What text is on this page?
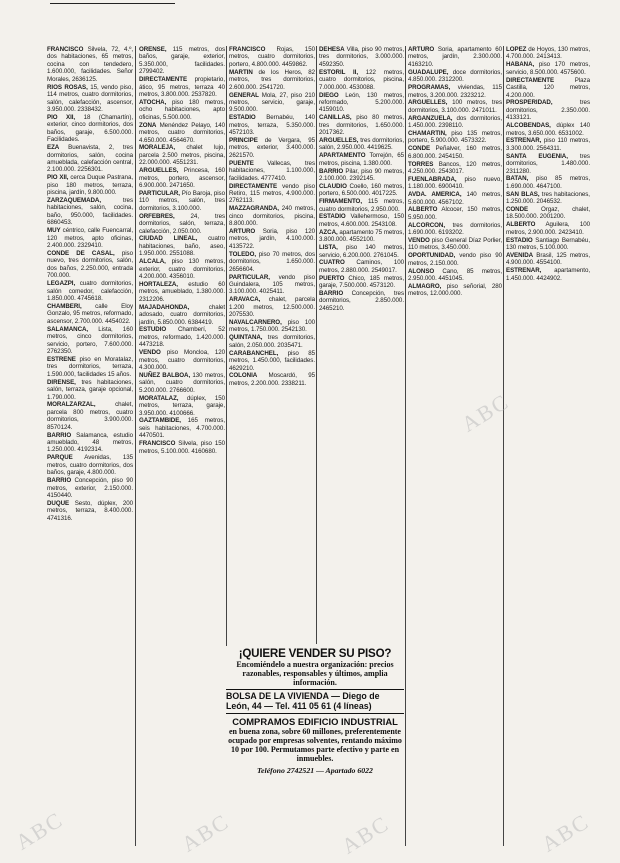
FRANCISCO Silvela, 72, 4.º, dos habitaciones, 65 metros, cocina con tendedero, 1.600.000, facilidades. Señor Morales, 2636125.

RIOS ROSAS, 15, vendo piso, 114 metros, cuatro dormitorios, salón, calefacción, ascensor, 3.950.000. 2338432.

PIO XII, 18 (Chamartín), exterior, cinco dormitorios, dos baños, garaje, 6.500.000. Facilidades.

EZA Buenavista, 2, tres dormitorios, salón, cocina amueblada, calefacción central, 2.100.000. 2256301.

PIO XII, cerca Duque Pastrana, piso 180 metros, terraza, piscina, jardín, 9.800.000.

ZARZAQUEMADA, tres habitaciones, salón, cocina, baño, 950.000, facilidades. 6860453.

MUY céntrico, calle Fuencarral, 120 metros, apto oficinas, 2.400.000. 2329410.

CONDE DE CASAL, piso nuevo, tres dormitorios, salón, dos baños, 2.250.000, entrada 700.000.

LEGAZPI, cuatro dormitorios, salón comedor, calefacción, 1.850.000. 4745618.

CHAMBERI, calle Eloy Gonzalo, 95 metros, reformado, ascensor, 2.700.000. 4454022.

SALAMANCA, Lista, 160 metros, cinco dormitorios, servicio, portero, 7.600.000. 2762350.

ESTRENE piso en Moratalaz, tres dormitorios, terraza, 1.590.000, facilidades 15 años.

DIRENSE, tres habitaciones, salón, terraza, garaje opcional, 1.790.000.

MORALZARZAL, chalet, parcela 800 metros, cuatro dormitorios, 3.900.000. 8570124.

BARRIO Salamanca, estudio amueblado, 48 metros, 1.250.000. 4192314.

PARQUE Avenidas, 135 metros, cuatro dormitorios, dos baños, garaje, 4.800.000.

BARRIO Concepción, piso 90 metros, exterior, 2.150.000. 4150440.

DUQUE Sesto, dúplex, 200 metros, terraza, 8.400.000. 4741316.

ORENSE, 115 metros, dos baños, garaje, exterior, 5.350.000, facilidades. 2799402.

DIRECTAMENTE propietario, ático, 95 metros, terraza 40 metros, 3.800.000. 2537820.

ATOCHA, piso 180 metros, ocho habitaciones, apto oficinas, 5.500.000.

ZONA Menéndez Pelayo, 140 metros, cuatro dormitorios, 4.650.000. 4564670.

MORALEJA, chalet lujo, parcela 2.500 metros, piscina, 22.000.000. 4551231.

ARGUELLES, Princesa, 160 metros, portero, ascensor, 6.900.000. 2471650.

PARTICULAR, Pío Baroja, piso 110 metros, salón, tres dormitorios, 3.100.000.

ORFEBRES, 24, tres dormitorios, salón, terraza, calefacción, 2.050.000.

CIUDAD LINEAL, cuatro habitaciones, baño, aseo, 1.950.000. 2551088.

ALCALA, piso 130 metros, exterior, cuatro dormitorios, 4.200.000. 4356010.

HORTALEZA, estudio 60 metros, amueblado, 1.380.000. 2312206.

MAJADAHONDA, chalet adosado, cuatro dormitorios, jardín, 5.850.000. 6384419.

ESTUDIO Chamberí, 52 metros, reformado, 1.420.000. 4473218.

VENDO piso Moncloa, 120 metros, cuatro dormitorios, 4.300.000.

NUÑEZ BALBOA, 130 metros, salón, cuatro dormitorios, 5.200.000. 2766600.

MORATALAZ, dúplex, 150 metros, terraza, garaje, 3.950.000. 4100666.

GAZTAMBIDE, 165 metros, seis habitaciones, 4.700.000. 4470501.

FRANCISCO Silvela, piso 150 metros, 5.100.000. 4160680.

FRANCISCO Rojas, 150 metros, cuatro dormitorios, portero, 4.800.000. 4459862.

MARTIN de los Heros, 82 metros, tres dormitorios, 2.600.000. 2541720.

GENERAL Mola, 27, piso 210 metros, servicio, garaje, 9.500.000.

ESTADIO Bernabéu, 140 metros, terraza, 5.350.000. 4572103.

PRINCIPE de Vergara, 95 metros, exterior, 3.400.000. 2621570.

PUENTE Vallecas, tres habitaciones, 1.100.000, facilidades. 4777410.

DIRECTAMENTE vendo piso Retiro, 115 metros, 4.900.000. 2762113.

MAZZAGRANDA, 240 metros, cinco dormitorios, piscina, 8.800.000.

ARTURO Soria, piso 120 metros, jardín, 4.100.000. 4135722.

TOLEDO, piso 70 metros, dos dormitorios, 1.650.000. 2656604.

PARTICULAR, vendo piso Guindalera, 105 metros, 3.100.000. 4025411.

ARAVACA, chalet, parcela 1.200 metros, 12.500.000. 2075530.

NAVALCARNERO, piso 100 metros, 1.750.000. 2542130.

QUINTANA, tres dormitorios, salón, 2.050.000. 2035471.

CARABANCHEL, piso 85 metros, 1.450.000, facilidades. 4629210.

COLONIA Moscardó, 95 metros, 2.200.000. 2338211.

DEHESA Villa, piso 90 metros, tres dormitorios, 3.000.000. 4592350.

ESTORIL II, 122 metros, cuatro dormitorios, piscina, 7.000.000. 4530088.

DIEGO León, 130 metros, reformado, 5.200.000. 4159010.

CANILLAS, piso 80 metros, tres dormitorios, 1.650.000. 2017362.

ARGUELLES, tres dormitorios, salón, 2.950.000. 4419625.

APARTAMENTO Torrejón, 65 metros, piscina, 1.380.000.

BARRIO Pilar, piso 90 metros, 2.100.000. 2392145.

CLAUDIO Coello, 160 metros, portero, 6.500.000. 4017225.

FIRMAMENTO, 115 metros, cuatro dormitorios, 2.950.000.

ESTADIO Vallehermoso, 150 metros, 4.600.000. 2543108.

AZCA, apartamento 75 metros, 3.800.000. 4552100.

LISTA, piso 140 metros, servicio, 6.200.000. 2761045.

CUATRO Caminos, 100 metros, 2.880.000. 2549017.

PUERTO Chico, 185 metros, garaje, 7.500.000. 4573120.

BARRIO Concepción, tres dormitorios, 2.850.000. 2465210.

ARTURO Soria, apartamento 60 metros, jardín, 2.300.000. 4163210.

GUADALUPE, doce dormitorios, 4.850.000. 2312200.

PROGRAMAS, viviendas, 115 metros, 3.200.000. 2323212.

ARGUELLES, 100 metros, tres dormitorios, 3.100.000. 2471011.

ARGANZUELA, dos dormitorios, 1.450.000. 2398110.

CHAMARTIN, piso 135 metros, portero, 5.900.000. 4573322.

CONDE Peñalver, 160 metros, 6.800.000. 2454150.

TORRES Bancos, 120 metros, 4.250.000. 2543017.

FUENLABRADA, piso nuevo, 1.180.000. 6900410.

AVDA. AMERICA, 140 metros, 5.600.000. 4567102.

ALBERTO Alcocer, 150 metros, 5.950.000.

ALCORCON, tres dormitorios, 1.690.000. 6193202.

VENDO piso General Díaz Porlier, 110 metros, 3.450.000.

OPORTUNIDAD, vendo piso 90 metros, 2.150.000.

ALONSO Cano, 85 metros, 2.950.000. 4451045.

ALMAGRO, piso señorial, 280 metros, 12.000.000.

LOPEZ de Hoyos, 130 metros, 4.700.000. 2413413.

HABANA, piso 170 metros, servicio, 8.500.000. 4575600.

DIRECTAMENTE Plaza Castilla, 120 metros, 4.200.000.

PROSPERIDAD, tres dormitorios, 2.350.000. 4133121.

ALCOBENDAS, dúplex 140 metros, 3.650.000. 6531002.

ESTRENAR, piso 110 metros, 3.300.000. 2564311.

SANTA EUGENIA, tres dormitorios, 1.480.000. 2311280.

BATAN, piso 85 metros, 1.690.000. 4647100.

SAN BLAS, tres habitaciones, 1.250.000. 2046532.

CONDE Orgaz, chalet, 18.500.000. 2001200.

ALBERTO Aguilera, 100 metros, 2.900.000. 2423410.

ESTADIO Santiago Bernabéu, 130 metros, 5.100.000.

AVENIDA Brasil, 125 metros, 4.900.000. 4554100.

ESTRENAR, apartamento, 1.450.000. 4424902.

¡QUIERE VENDER SU PISO?
Encomiéndelo a nuestra organización: precios razonables, responsables y últimos, amplia información.
BOLSA DE LA VIVIENDA — Diego de León, 44 — Tel. 411 05 61 (4 líneas)
COMPRAMOS EDIFICIO INDUSTRIAL
en buena zona, sobre 60 millones, preferentemente ocupado por empresas solventes, rentando máximo 10 por 100. Permutamos parte efectivo y parte en inmuebles.
Teléfono 2742521 — Apartado 6022
ABC	ABC	ABC
ABC
ABC
